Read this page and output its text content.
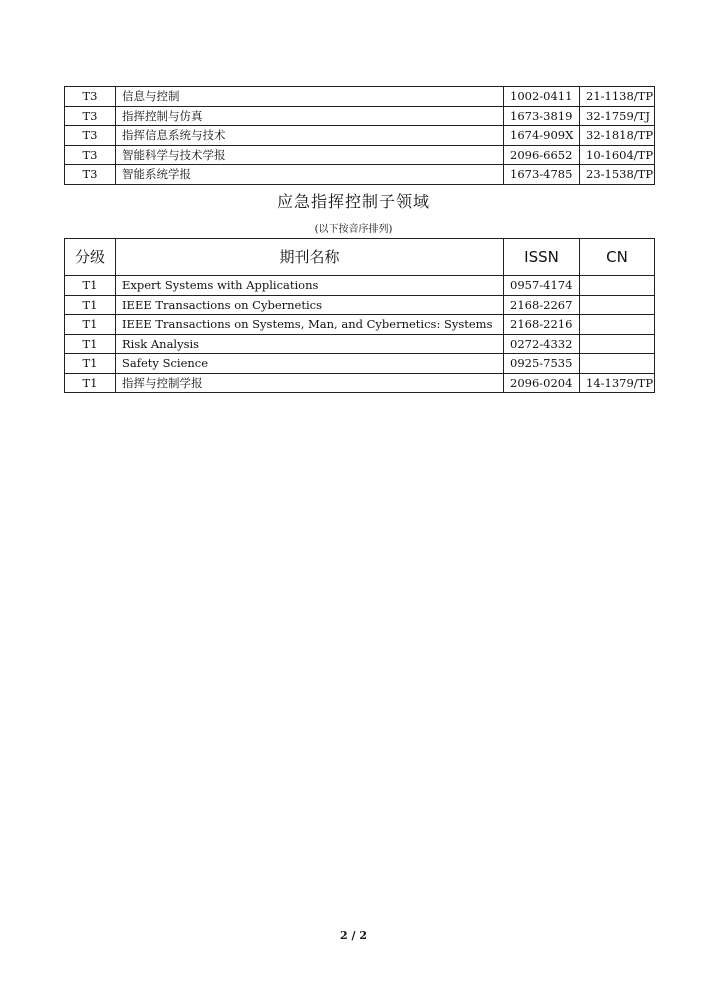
T3	信息与控制	1002-0411	21-1138/TP
T3	指挥控制与仿真	1673-3819	32-1759/TJ
T3	指挥信息系统与技术	1674-909X	32-1818/TP
T3	智能科学与技术学报	2096-6652	10-1604/TP
T3	智能系统学报	1673-4785	23-1538/TP
应急指挥控制子领域
(以下按音序排列)
分级	期刊名称	ISSN	CN
T1	Expert Systems with Applications	0957-4174	
T1	IEEE Transactions on Cybernetics	2168-2267	
T1	IEEE Transactions on Systems, Man, and Cybernetics: Systems	2168-2216	
T1	Risk Analysis	0272-4332	
T1	Safety Science	0925-7535	
T1	指挥与控制学报	2096-0204	14-1379/TP
2 / 2
